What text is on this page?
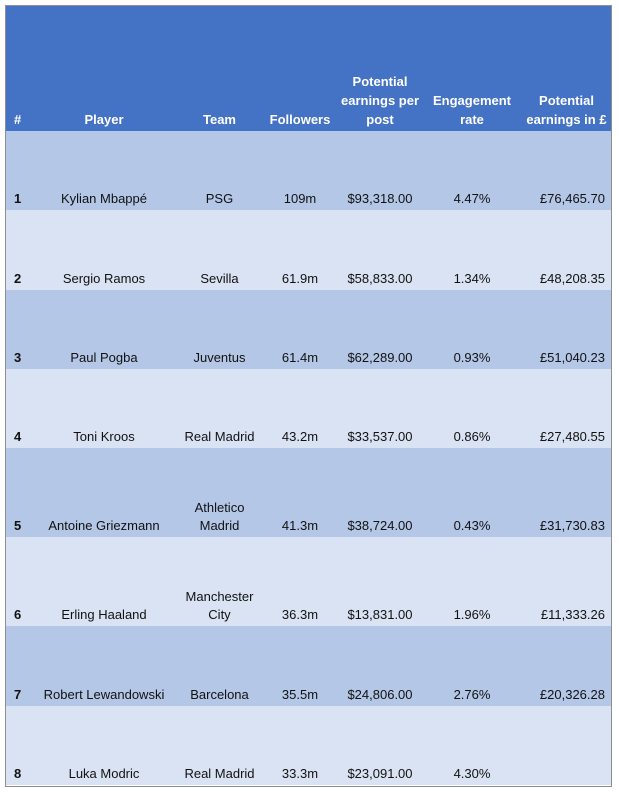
#	Player	Team	Followers	Potential earnings per post	Engagement rate	Potential earnings in £
1	Kylian Mbappé	PSG	109m	$93,318.00	4.47%	£76,465.70
2	Sergio Ramos	Sevilla	61.9m	$58,833.00	1.34%	£48,208.35
3	Paul Pogba	Juventus	61.4m	$62,289.00	0.93%	£51,040.23
4	Toni Kroos	Real Madrid	43.2m	$33,537.00	0.86%	£27,480.55
5	Antoine Griezmann	Athletico Madrid	41.3m	$38,724.00	0.43%	£31,730.83
6	Erling Haaland	Manchester City	36.3m	$13,831.00	1.96%	£11,333.26
7	Robert Lewandowski	Barcelona	35.5m	$24,806.00	2.76%	£20,326.28
8	Luka Modric	Real Madrid	33.3m	$23,091.00	4.30%	
